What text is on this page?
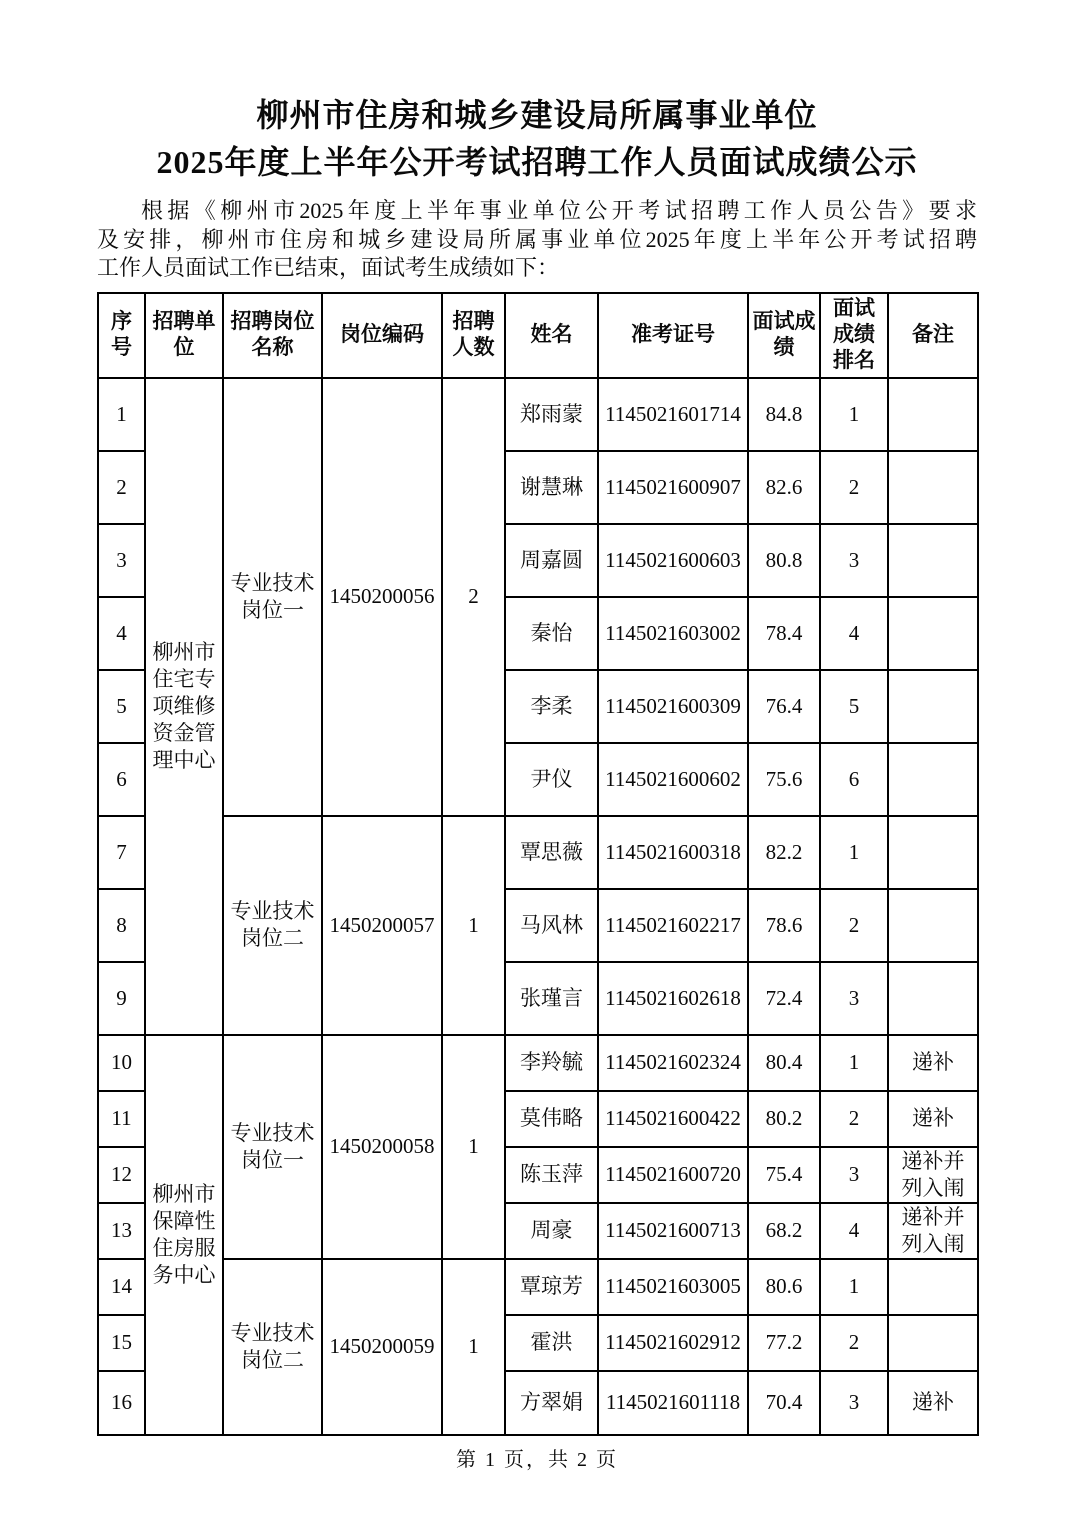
柳州市住房和城乡建设局所属事业单位
2025年度上半年公开考试招聘工作人员面试成绩公示
根据《柳州市2025年度上半年事业单位公开考试招聘工作人员公告》要求
及安排，柳州市住房和城乡建设局所属事业单位2025年度上半年公开考试招聘
工作人员面试工作已结束，面试考生成绩如下：
序号	招聘单位	招聘岗位名称	岗位编码	招聘人数	姓名	准考证号	面试成绩	面试成绩排名	备注
1	柳州市住宅专项维修资金管理中心	专业技术岗位一	1450200056	2	郑雨蒙	1145021601714	84.8	1	
2					谢慧琳	1145021600907	82.6	2	
3					周嘉圆	1145021600603	80.8	3	
4					秦怡	1145021603002	78.4	4	
5					李柔	1145021600309	76.4	5	
6					尹仪	1145021600602	75.6	6	
7		专业技术岗位二	1450200057	1	覃思薇	1145021600318	82.2	1	
8					马风林	1145021602217	78.6	2	
9					张瑾言	1145021602618	72.4	3	
10	柳州市保障性住房服务中心	专业技术岗位一	1450200058	1	李羚毓	1145021602324	80.4	1	递补
11					莫伟略	1145021600422	80.2	2	递补
12					陈玉萍	1145021600720	75.4	3	递补并列入闱
13					周豪	1145021600713	68.2	4	递补并列入闱
14		专业技术岗位二	1450200059	1	覃琼芳	1145021603005	80.6	1	
15					霍洪	1145021602912	77.2	2	
16					方翠娟	1145021601118	70.4	3	递补
第 1 页，共 2 页
